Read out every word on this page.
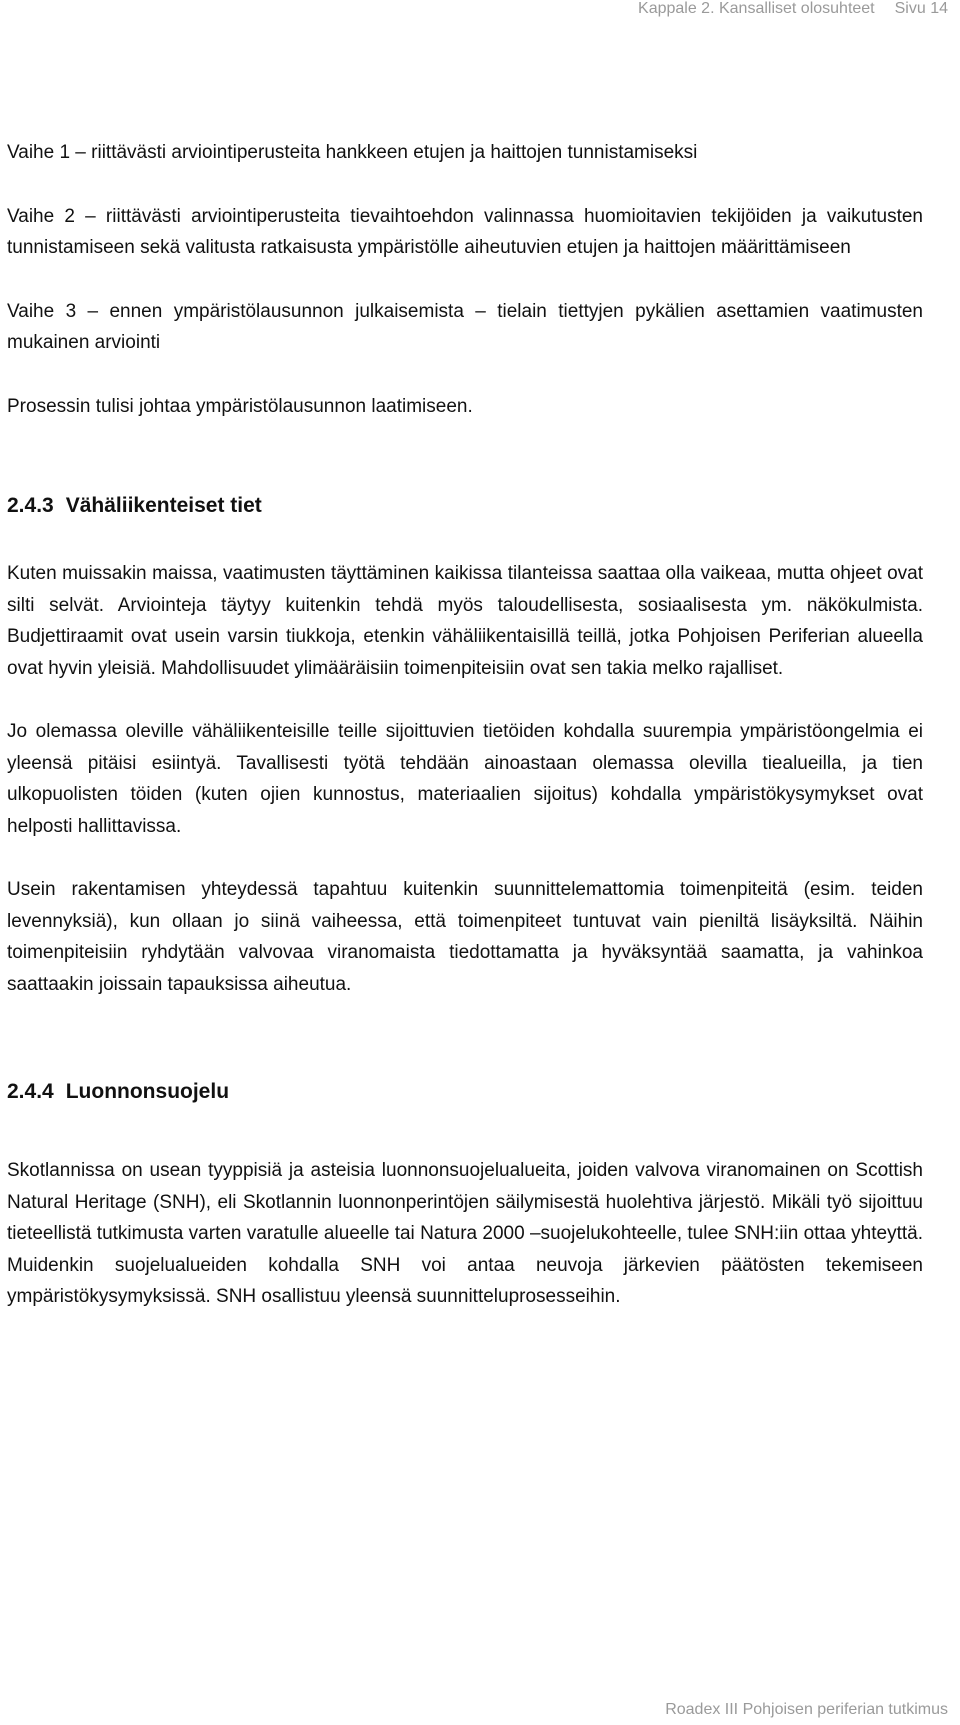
Kappale 2. Kansalliset olosuhteet Sivu 14

Vaihe 1 – riittävästi arviointiperusteita hankkeen etujen ja haittojen tunnistamiseksi

Vaihe 2 – riittävästi arviointiperusteita tievaihtoehdon valinnassa huomioitavien tekijöiden ja vaikutusten tunnistamiseen sekä valitusta ratkaisusta ympäristölle aiheutuvien etujen ja haittojen määrittämiseen

Vaihe 3 – ennen ympäristölausunnon julkaisemista – tielain tiettyjen pykälien asettamien vaatimusten mukainen arviointi

Prosessin tulisi johtaa ympäristölausunnon laatimiseen.

2.4.3 Vähäliikenteiset tiet

Kuten muissakin maissa, vaatimusten täyttäminen kaikissa tilanteissa saattaa olla vaikeaa, mutta ohjeet ovat silti selvät. Arviointeja täytyy kuitenkin tehdä myös taloudellisesta, sosiaalisesta ym. näkökulmista. Budjettiraamit ovat usein varsin tiukkoja, etenkin vähäliikentaisillä teillä, jotka Pohjoisen Periferian alueella ovat hyvin yleisiä. Mahdollisuudet ylimääräisiin toimenpiteisiin ovat sen takia melko rajalliset.

Jo olemassa oleville vähäliikenteisille teille sijoittuvien tietöiden kohdalla suurempia ympäristöongelmia ei yleensä pitäisi esiintyä. Tavallisesti työtä tehdään ainoastaan olemassa olevilla tiealueilla, ja tien ulkopuolisten töiden (kuten ojien kunnostus, materiaalien sijoitus) kohdalla ympäristökysymykset ovat helposti hallittavissa.

Usein rakentamisen yhteydessä tapahtuu kuitenkin suunnittelemattomia toimenpiteitä (esim. teiden levennyksiä), kun ollaan jo siinä vaiheessa, että toimenpiteet tuntuvat vain pieniltä lisäyksiltä. Näihin toimenpiteisiin ryhdytään valvovaa viranomaista tiedottamatta ja hyväksyntää saamatta, ja vahinkoa saattaakin joissain tapauksissa aiheutua.

2.4.4 Luonnonsuojelu

Skotlannissa on usean tyyppisiä ja asteisia luonnonsuojelualueita, joiden valvova viranomainen on Scottish Natural Heritage (SNH), eli Skotlannin luonnonperintöjen säilymisestä huolehtiva järjestö. Mikäli työ sijoittuu tieteellistä tutkimusta varten varatulle alueelle tai Natura 2000 –suojelukohteelle, tulee SNH:iin ottaa yhteyttä. Muidenkin suojelualueiden kohdalla SNH voi antaa neuvoja järkevien päätösten tekemiseen ympäristökysymyksissä. SNH osallistuu yleensä suunnitteluprosesseihin.

Roadex III Pohjoisen periferian tutkimus
